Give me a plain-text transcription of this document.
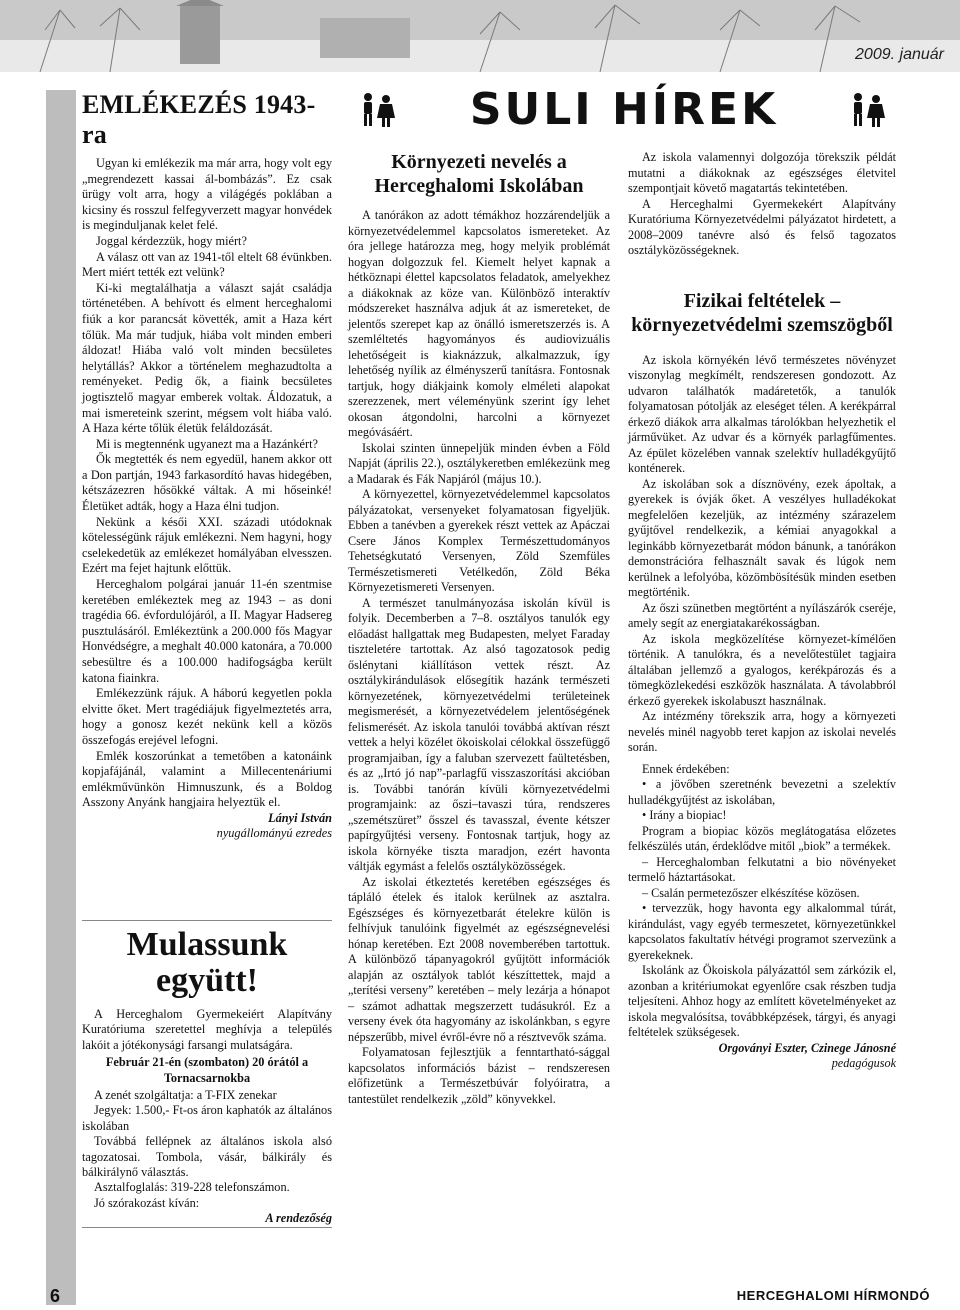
2009. január
EMLÉKEZÉS 1943-ra

Ugyan ki emlékezik ma már arra, hogy volt egy „megrendezett kassai ál-bombázás”. Ez csak ürügy volt arra, hogy a világégés poklában a kicsiny és rosszul felfegyverzett magyar honvédek is meginduljanak kelet felé.

Joggal kérdezzük, hogy miért?

A válasz ott van az 1941-től eltelt 68 évünkben. Mert miért tették ezt velünk?

Ki-ki megtalálhatja a választ saját családja történetében. A behívott és elment herceghalomi fiúk a kor parancsát követték, amit a Haza kért tőlük. Ma már tudjuk, hiába volt minden emberi áldozat! Hiába való volt minden becsületes helytállás? Akkor a történelem meghazudtolta a reményeket. Pedig ők, a fiaink becsületes jogtisztelő magyar emberek voltak. Áldozatuk, a mai ismereteink szerint, mégsem volt hiába való. A Haza kérte tőlük életük feláldozását.

Mi is megtennénk ugyanezt ma a Hazánkért?

Ők megtették és nem egyedül, hanem akkor ott a Don partján, 1943 farkasordító havas hidegében, kétszázezren hősökké váltak. A mi hőseinké! Életüket adták, hogy a Haza élni tudjon.

Nekünk a késői XXI. századi utódoknak kötelességünk rájuk emlékezni. Nem hagyni, hogy cselekedetük az emlékezet homályában elvesszen. Ezért ma fejet hajtunk előttük.

Herceghalom polgárai január 11-én szentmise keretében emlékeztek meg az 1943 – as doni tragédia 66. évfordulójáról, a II. Magyar Hadsereg pusztulásáról. Emlékeztünk a 200.000 fős Magyar Honvédségre, a meghalt 40.000 katonára, a 70.000 sebesültre és a 100.000 hadifogságba került katona fiainkra.

Emlékezzünk rájuk. A háború kegyetlen pokla elvitte őket. Mert tragédiájuk figyelmeztetés arra, hogy a gonosz kezét nekünk kell a közös összefogás erejével lefogni.

Emlék koszorúnkat a temetőben a katonáink kopjafájánál, valamint a Millecentenáriumi emlékművünkön Himnuszunk, és a Boldog Asszony Anyánk hangjaira helyeztük el.

Lányi István
nyugállományú ezredes
Mulassunk együtt!

A Herceghalom Gyermekeiért Alapítvány Kuratóriuma szeretettel meghívja a település lakóit a jótékonysági farsangi mulatságára.

Február 21-én (szombaton) 20 órától a Tornacsarnokba

A zenét szolgáltatja: a T-FIX zenekar

Jegyek: 1.500,- Ft-os áron kaphatók az általános iskolában

Továbbá fellépnek az általános iskola alsó tagozatosai. Tombola, vásár, bálkirály és bálkirálynő választás.

Asztalfoglalás: 319-228 telefonszámon.

Jó szórakozást kíván:

A rendezőség

SULI HÍREK
Környezeti nevelés a Herceghalomi Iskolában

A tanórákon az adott témákhoz hozzárendeljük a környezetvédelemmel kapcsolatos ismereteket. Az óra jellege határozza meg, hogy melyik problémát hogyan dolgozzuk fel. Kiemelt helyet kapnak a hétköznapi élettel kapcsolatos feladatok, amelyekhez a diákoknak az köze van. Különböző interaktív módszereket használva adjuk át az ismereteket, de jelentős szerepet kap az önálló ismeretszerzés is. A szemléltetés hagyományos és audiovizuális lehetőségeit is kiaknázzuk, alkalmazzuk, így lehetőség nyílik az élményszerű tanításra. Fontosnak tartjuk, hogy diákjaink komoly elméleti alapokat szerezzenek, mert véleményünk szerint így lehet okosan átgondolni, harcolni a környezet megóvásáért.

Iskolai szinten ünnepeljük minden évben a Föld Napját (április 22.), osztálykeretben emlékezünk meg a Madarak és Fák Napjáról (május 10.).

A környezettel, környezetvédelemmel kapcsolatos pályázatokat, versenyeket folyamatosan figyeljük. Ebben a tanévben a gyerekek részt vettek az Apáczai Csere János Komplex Természettudományos Tehetségkutató Versenyen, Zöld Szemfüles Természetismereti Vetélkedőn, Zöld Béka Környezetismereti Versenyen.

A természet tanulmányozása iskolán kívül is folyik. Decemberben a 7–8. osztályos tanulók egy előadást hallgattak meg Budapesten, melyet Faraday tiszteletére tartottak. Az alsó tagozatosok pedig őslénytani kiállításon vettek részt. Az osztálykirándulások elősegítik hazánk természeti környezetének, környezetvédelmi területeinek megismerését, a környezetvédelem jelentőségének felismerését. Az iskola tanulói továbbá aktívan részt vettek a helyi közélet ökoiskolai célokkal összefüggő programjaiban, így a faluban szervezett faültetésben, és az „Irtó jó nap”-parlagfű visszaszorítási akcióban is. További tanórán kívüli környezetvédelmi programjaink: az őszi–tavaszi túra, rendszeres „szemétszüret” ősszel és tavasszal, évente kétszer papírgyűjtési verseny. Fontosnak tartjuk, hogy az iskola környéke tiszta maradjon, ezért havonta váltják egymást a felelős osztályközösségek.

Az iskolai étkeztetés keretében egészséges és tápláló ételek és italok kerülnek az asztalra. Egészséges és környezetbarát ételekre külön is felhívjuk tanulóink figyelmét az egészségnevelési hónap keretében. Ezt 2008 novemberében tartottuk. A különböző tápanyagokról gyűjtött információk alapján az osztályok tablót készíttettek, majd a „terítési verseny” keretében – mely lezárja a hónapot – számot adhattak megszerzett tudásukról. Ez a verseny évek óta hagyomány az iskolánkban, s egyre népszerűbb, mivel évről-évre nő a résztvevők száma.

Folyamatosan fejlesztjük a fenntartható-sággal kapcsolatos információs bázist – rendszeresen előfizetünk a Természetbúvár folyóiratra, a tantestület rendelkezik „zöld” könyvekkel.

Az iskola valamennyi dolgozója törekszik példát mutatni a diákoknak az egészséges életvitel szempontjait követő magatartás tekintetében.

A Herceghalmi Gyermekekért Alapítvány Kuratóriuma Környezetvédelmi pályázatot hirdetett, a 2008–2009 tanévre alsó és felső tagozatos osztályközösségeknek.

Fizikai feltételek – környezetvédelmi szemszögből

Az iskola környékén lévő természetes növényzet viszonylag megkímélt, rendszeresen gondozott. Az udvaron találhatók madáretetők, a tanulók folyamatosan pótolják az eleséget télen. A kerékpárral érkező diákok arra alkalmas tárolókban helyezhetik el járművüket. Az udvar és a környék parlagfűmentes. Az épület közelében vannak szelektív hulladékgyűjtő konténerek.

Az iskolában sok a dísznövény, ezek ápoltak, a gyerekek is óvják őket. A veszélyes hulladékokat megfelelően kezeljük, az intézmény szárazelem gyűjtővel rendelkezik, a kémiai anyagokkal a leginkább környezetbarát módon bánunk, a tanórákon demonstrációra felhasznált savak és lúgok nem kerülnek a lefolyóba, közömbösítésük minden esetben megtörténik.

Az őszi szünetben megtörtént a nyílászárók cseréje, amely segít az energiatakarékosságban.

Az iskola megközelítése környezet-kímélően történik. A tanulókra, és a nevelőtestület tagjaira általában jellemző a gyalogos, kerékpározás és a tömegközlekedési eszközök használata. A távolabbról érkező gyerekek iskolabuszt használnak.

Az intézmény törekszik arra, hogy a környezeti nevelés minél nagyobb teret kapjon az iskolai nevelés során.

Ennek érdekében:

• a jövőben szeretnénk bevezetni a szelektív hulladékgyűjtést az iskolában,

• Irány a biopiac!

Program a biopiac közös meglátogatása előzetes felkészülés után, érdeklődve mitől „biok” a termékek.

– Herceghalomban felkutatni a bio növényeket termelő háztartásokat.

– Csalán permetezőszer elkészítése közösen.

• tervezzük, hogy havonta egy alkalommal túrát, kirándulást, vagy egyéb termeszetet, környezetünkkel kapcsolatos fakultatív hétvégi programot szervezünk a gyerekeknek.

Iskolánk az Ökoiskola pályázattól sem zárkózik el, azonban a kritériumokat egyenlőre csak részben tudja teljesíteni. Ahhoz hogy az említett követelményeket az iskola megvalósítsa, továbbképzések, tárgyi, és anyagi feltételek szükségesek.

Orgoványi Eszter, Czinege Jánosné
pedagógusok
6	HERCEGHALOMI HÍRMONDÓ
